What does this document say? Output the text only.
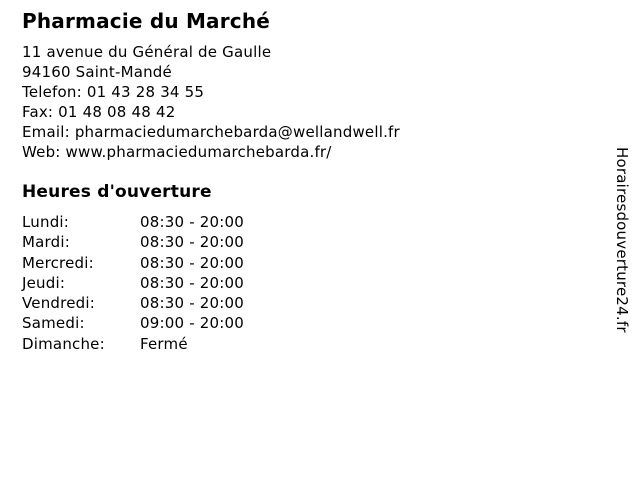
Pharmacie du Marché
11 avenue du Général de Gaulle
94160 Saint-Mandé
Telefon: 01 43 28 34 55
Fax: 01 48 08 48 42
Email: pharmaciedumarchebarda@wellandwell.fr
Web: www.pharmaciedumarchebarda.fr/
Heures d'ouverture
Lundi:	08:30 - 20:00
Mardi:	08:30 - 20:00
Mercredi:	08:30 - 20:00
Jeudi:	08:30 - 20:00
Vendredi:	08:30 - 20:00
Samedi:	09:00 - 20:00
Dimanche:	Fermé
Horairesdouverture24.fr
